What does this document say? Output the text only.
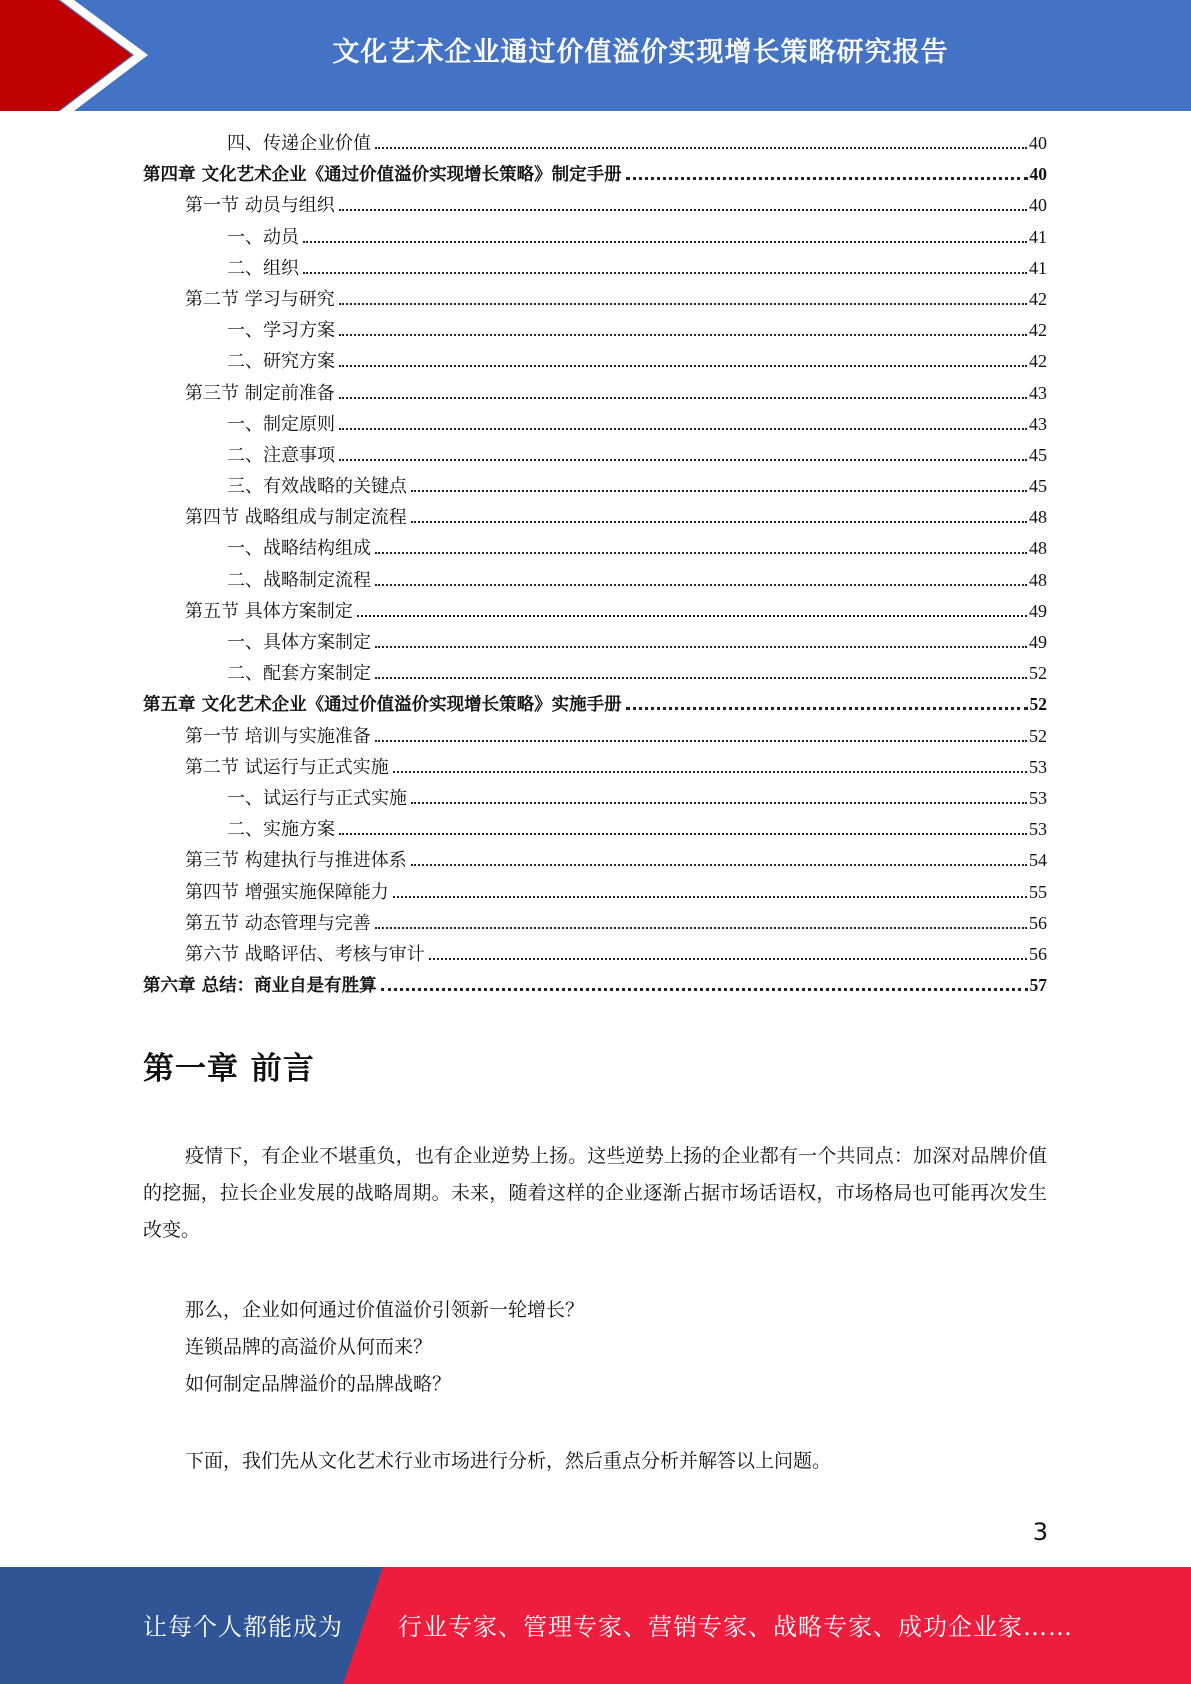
文化艺术企业通过价值溢价实现增长策略研究报告
四、传递企业价值	40
第四章 文化艺术企业《通过价值溢价实现增长策略》制定手册	40
第一节 动员与组织	40
一、动员	41
二、组织	41
第二节 学习与研究	42
一、学习方案	42
二、研究方案	42
第三节 制定前准备	43
一、制定原则	43
二、注意事项	45
三、有效战略的关键点	45
第四节 战略组成与制定流程	48
一、战略结构组成	48
二、战略制定流程	48
第五节 具体方案制定	49
一、具体方案制定	49
二、配套方案制定	52
第五章 文化艺术企业《通过价值溢价实现增长策略》实施手册	52
第一节 培训与实施准备	52
第二节 试运行与正式实施	53
一、试运行与正式实施	53
二、实施方案	53
第三节 构建执行与推进体系	54
第四节 增强实施保障能力	55
第五节 动态管理与完善	56
第六节 战略评估、考核与审计	56
第六章 总结：商业自是有胜算	57
第一章 前言
疫情下，有企业不堪重负，也有企业逆势上扬。这些逆势上扬的企业都有一个共同点：加深对品牌价值的挖掘，拉长企业发展的战略周期。未来，随着这样的企业逐渐占据市场话语权，市场格局也可能再次发生改变。
那么，企业如何通过价值溢价引领新一轮增长？
连锁品牌的高溢价从何而来？
如何制定品牌溢价的品牌战略？
下面，我们先从文化艺术行业市场进行分析，然后重点分析并解答以上问题。
3
让每个人都能成为 行业专家、管理专家、营销专家、战略专家、成功企业家……
